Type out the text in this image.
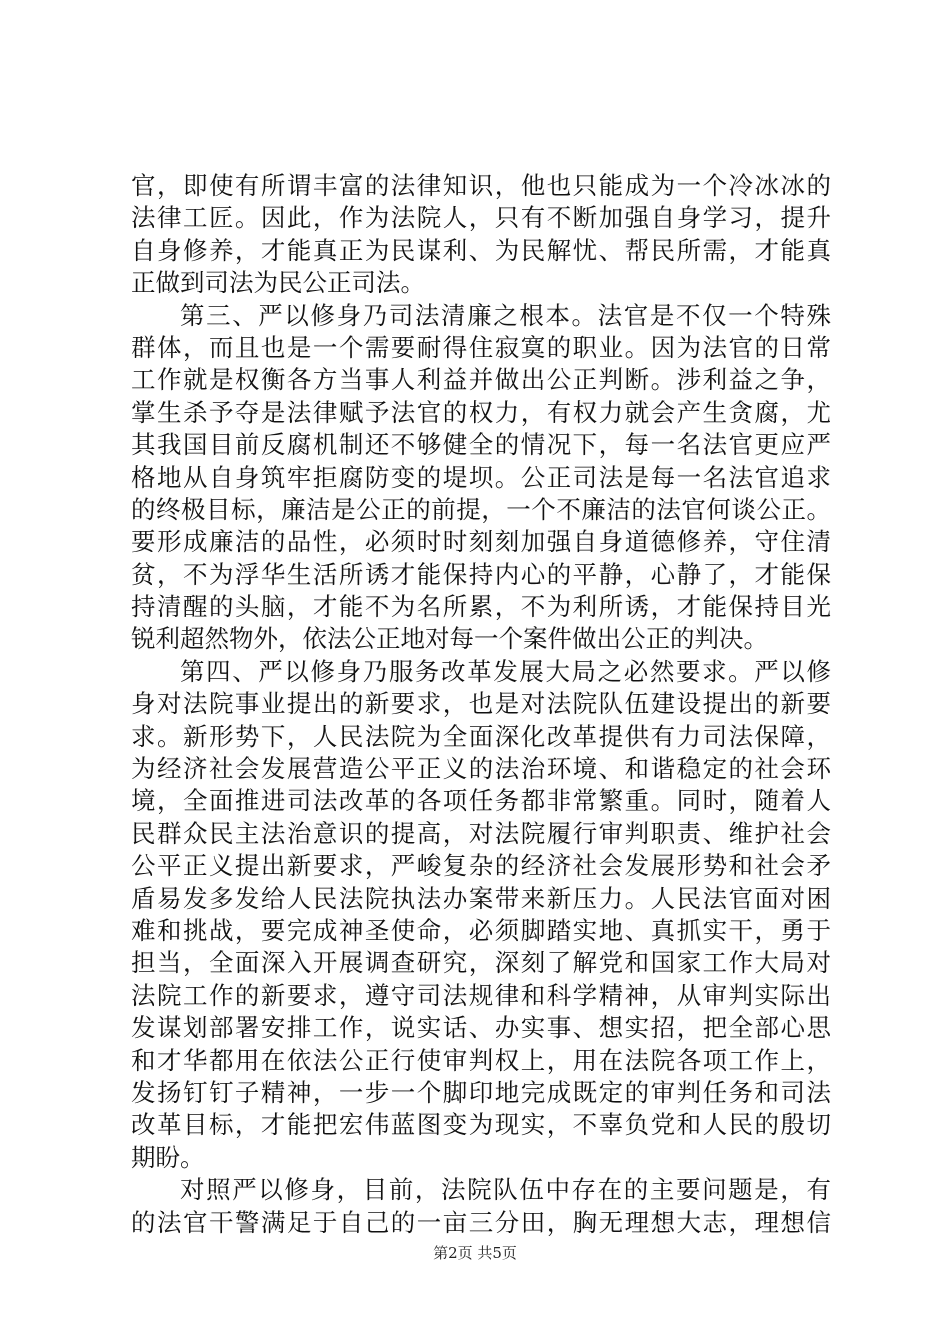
官，即使有所谓丰富的法律知识，他也只能成为一个冷冰冰的
法律工匠。因此，作为法院人，只有不断加强自身学习，提升
自身修养，才能真正为民谋利、为民解忧、帮民所需，才能真
正做到司法为民公正司法。
第三、严以修身乃司法清廉之根本。法官是不仅一个特殊
群体，而且也是一个需要耐得住寂寞的职业。因为法官的日常
工作就是权衡各方当事人利益并做出公正判断。涉利益之争，
掌生杀予夺是法律赋予法官的权力，有权力就会产生贪腐，尤
其我国目前反腐机制还不够健全的情况下，每一名法官更应严
格地从自身筑牢拒腐防变的堤坝。公正司法是每一名法官追求
的终极目标，廉洁是公正的前提，一个不廉洁的法官何谈公正。
要形成廉洁的品性，必须时时刻刻加强自身道德修养，守住清
贫，不为浮华生活所诱才能保持内心的平静，心静了，才能保
持清醒的头脑，才能不为名所累，不为利所诱，才能保持目光
锐利超然物外，依法公正地对每一个案件做出公正的判决。
第四、严以修身乃服务改革发展大局之必然要求。严以修
身对法院事业提出的新要求，也是对法院队伍建设提出的新要
求。新形势下，人民法院为全面深化改革提供有力司法保障，
为经济社会发展营造公平正义的法治环境、和谐稳定的社会环
境，全面推进司法改革的各项任务都非常繁重。同时，随着人
民群众民主法治意识的提高，对法院履行审判职责、维护社会
公平正义提出新要求，严峻复杂的经济社会发展形势和社会矛
盾易发多发给人民法院执法办案带来新压力。人民法官面对困
难和挑战，要完成神圣使命，必须脚踏实地、真抓实干，勇于
担当，全面深入开展调查研究，深刻了解党和国家工作大局对
法院工作的新要求，遵守司法规律和科学精神，从审判实际出
发谋划部署安排工作，说实话、办实事、想实招，把全部心思
和才华都用在依法公正行使审判权上，用在法院各项工作上，
发扬钉钉子精神，一步一个脚印地完成既定的审判任务和司法
改革目标，才能把宏伟蓝图变为现实，不辜负党和人民的殷切
期盼。
对照严以修身，目前，法院队伍中存在的主要问题是，有
的法官干警满足于自己的一亩三分田，胸无理想大志，理想信
第2页 共5页
